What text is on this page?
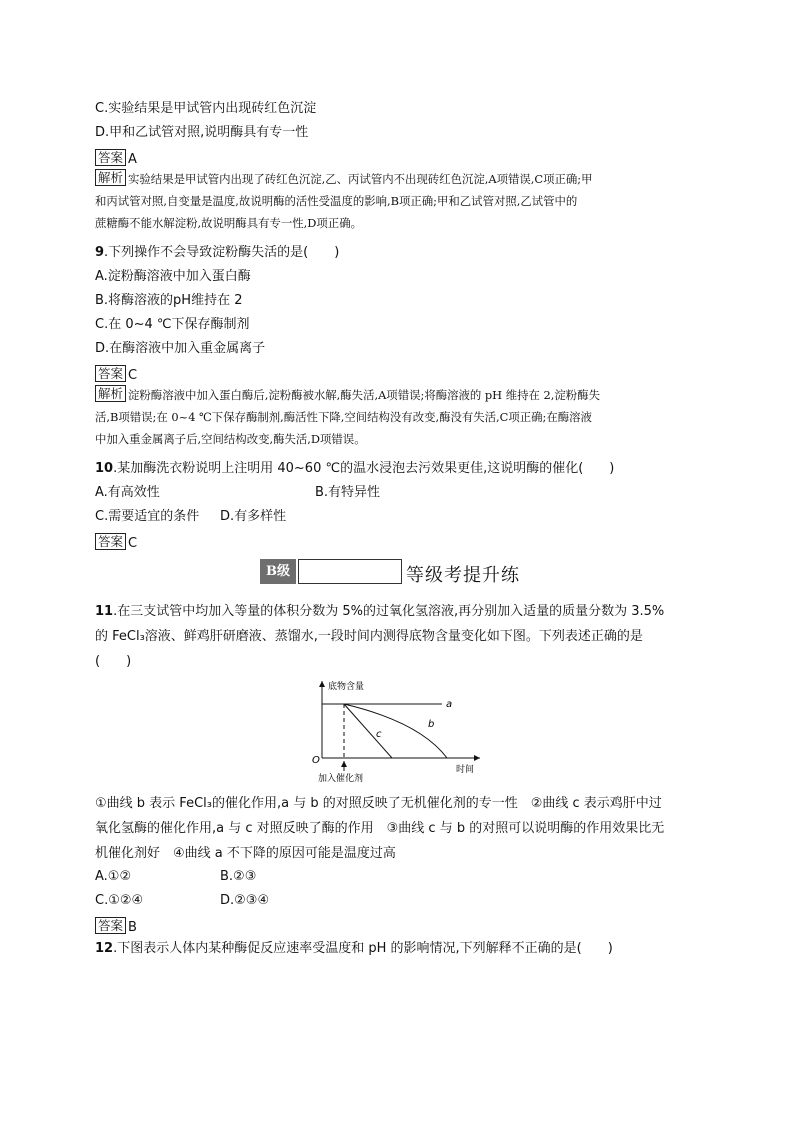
C.实验结果是甲试管内出现砖红色沉淀
D.甲和乙试管对照,说明酶具有专一性
答案 A
解析 实验结果是甲试管内出现了砖红色沉淀,乙、丙试管内不出现砖红色沉淀,A项错误,C项正确;甲
和丙试管对照,自变量是温度,故说明酶的活性受温度的影响,B项正确;甲和乙试管对照,乙试管中的
蔗糖酶不能水解淀粉,故说明酶具有专一性,D项正确。
9.下列操作不会导致淀粉酶失活的是(　　)
A.淀粉酶溶液中加入蛋白酶
B.将酶溶液的pH维持在 2
C.在 0~4 ℃下保存酶制剂
D.在酶溶液中加入重金属离子
答案 C
解析 淀粉酶溶液中加入蛋白酶后,淀粉酶被水解,酶失活,A项错误;将酶溶液的 pH 维持在 2,淀粉酶失
活,B项错误;在 0~4 ℃下保存酶制剂,酶活性下降,空间结构没有改变,酶没有失活,C项正确;在酶溶液
中加入重金属离子后,空间结构改变,酶失活,D项错误。
10.某加酶洗衣粉说明上注明用 40~60 ℃的温水浸泡去污效果更佳,这说明酶的催化(　　)
A.有高效性	B.有特异性
C.需要适宜的条件 D.有多样性
答案 C
B级	等级考提升练
11.在三支试管中均加入等量的体积分数为 5%的过氧化氢溶液,再分别加入适量的质量分数为 3.5%
的 FeCl₃溶液、鲜鸡肝研磨液、蒸馏水,一段时间内测得底物含量变化如下图。下列表述正确的是
(　　)
底物含量
时间
O
加入催化剂
a
b
c
①曲线 b 表示 FeCl₃的催化作用,a 与 b 的对照反映了无机催化剂的专一性　②曲线 c 表示鸡肝中过
氧化氢酶的催化作用,a 与 c 对照反映了酶的作用　③曲线 c 与 b 的对照可以说明酶的作用效果比无
机催化剂好　④曲线 a 不下降的原因可能是温度过高
A.①②	B.②③
C.①②④	D.②③④
答案 B
12.下图表示人体内某种酶促反应速率受温度和 pH 的影响情况,下列解释不正确的是(　　)
